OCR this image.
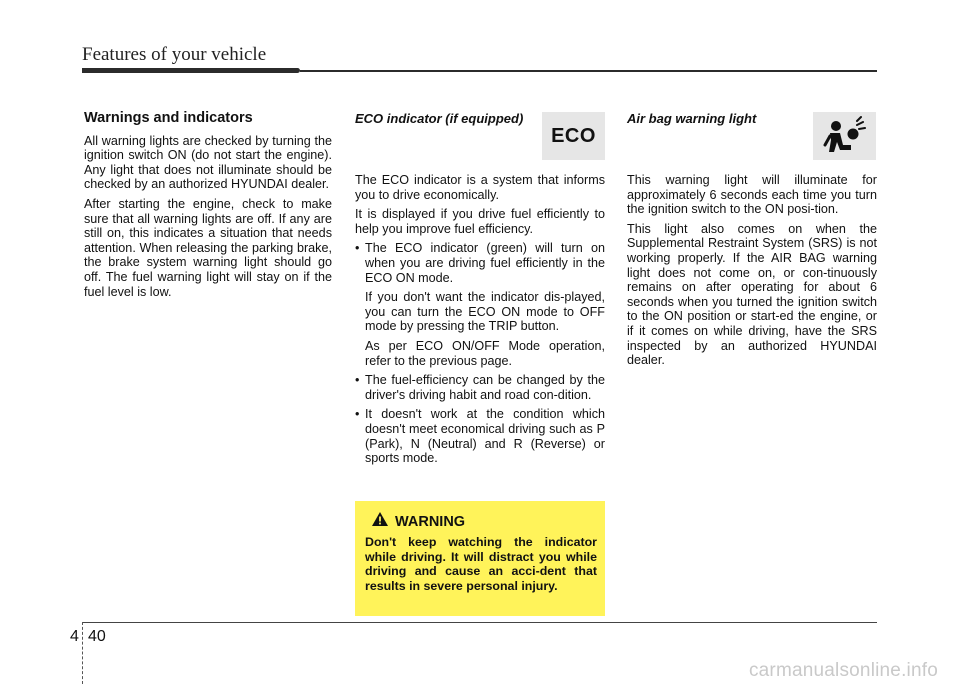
Features of your vehicle
Warnings and indicators

All warning lights are checked by turning the ignition switch ON (do not start the engine). Any light that does not illuminate should be checked by an authorized HYUNDAI dealer.

After starting the engine, check to make sure that all warning lights are off. If any are still on, this indicates a situation that needs attention. When releasing the parking brake, the brake system warning light should go off. The fuel warning light will stay on if the fuel level is low.

ECO indicator (if equipped)

The ECO indicator is a system that informs you to drive economically.

It is displayed if you drive fuel efficiently to help you improve fuel efficiency.

• The ECO indicator (green) will turn on when you are driving fuel efficiently in the ECO ON mode.

If you don't want the indicator dis-played, you can turn the ECO ON mode to OFF mode by pressing the TRIP button.

As per ECO ON/OFF Mode operation, refer to the previous page.

• The fuel-efficiency can be changed by the driver's driving habit and road con-dition.
• It doesn't work at the condition which doesn't meet economical driving such as P (Park), N (Neutral) and R (Reverse) or sports mode.
ECO
Air bag warning light

This warning light will illuminate for approximately 6 seconds each time you turn the ignition switch to the ON posi-tion.

This light also comes on when the Supplemental Restraint System (SRS) is not working properly. If the AIR BAG warning light does not come on, or con-tinuously remains on after operating for about 6 seconds when you turned the ignition switch to the ON position or start-ed the engine, or if it comes on while driving, have the SRS inspected by an authorized HYUNDAI dealer.

WARNING

Don't keep watching the indicator while driving. It will distract you while driving and cause an acci-dent that results in severe personal injury.

4 40
carmanualsonline.info
